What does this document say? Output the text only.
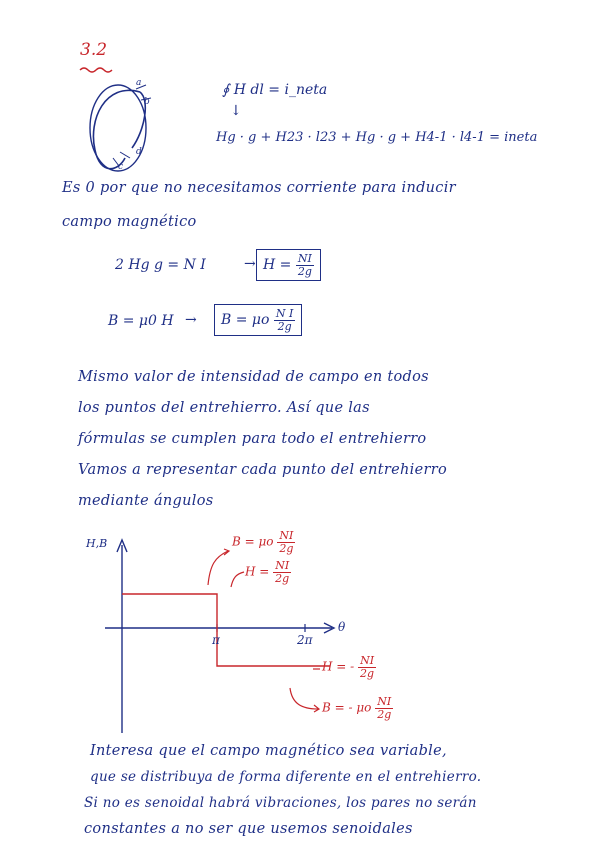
3.2
a
b
d
c
∮ H dl = i_neta
↓
Hg · g + H23 · l23 + Hg · g + H4-1 · l4-1 = ineta
Es 0 por que no necesitamos corriente para inducir
campo magnético
2 Hg g = N I	→ $H = \frac{NI}{2g}$
B = μ0 H →	B = μo $\frac{\text{N I}}{2g}$
Mismo valor de intensidad de campo en todos
los puntos del entrehierro. Así que las
fórmulas se cumplen para todo el entrehierro
Vamos a representar cada punto del entrehierro
mediante ángulos
H,B
θ
π	2π
B = μo $\frac{NI}{2g}$
$H = \frac{NI}{2g}$
H = - $\frac{NI}{2g}$
B = - μo $\frac{NI}{2g}$
Interesa que el campo magnético sea variable,
que se distribuya de forma diferente en el entrehierro.
Si no es senoidal habrá vibraciones, los pares no serán
constantes a no ser que usemos senoidales
